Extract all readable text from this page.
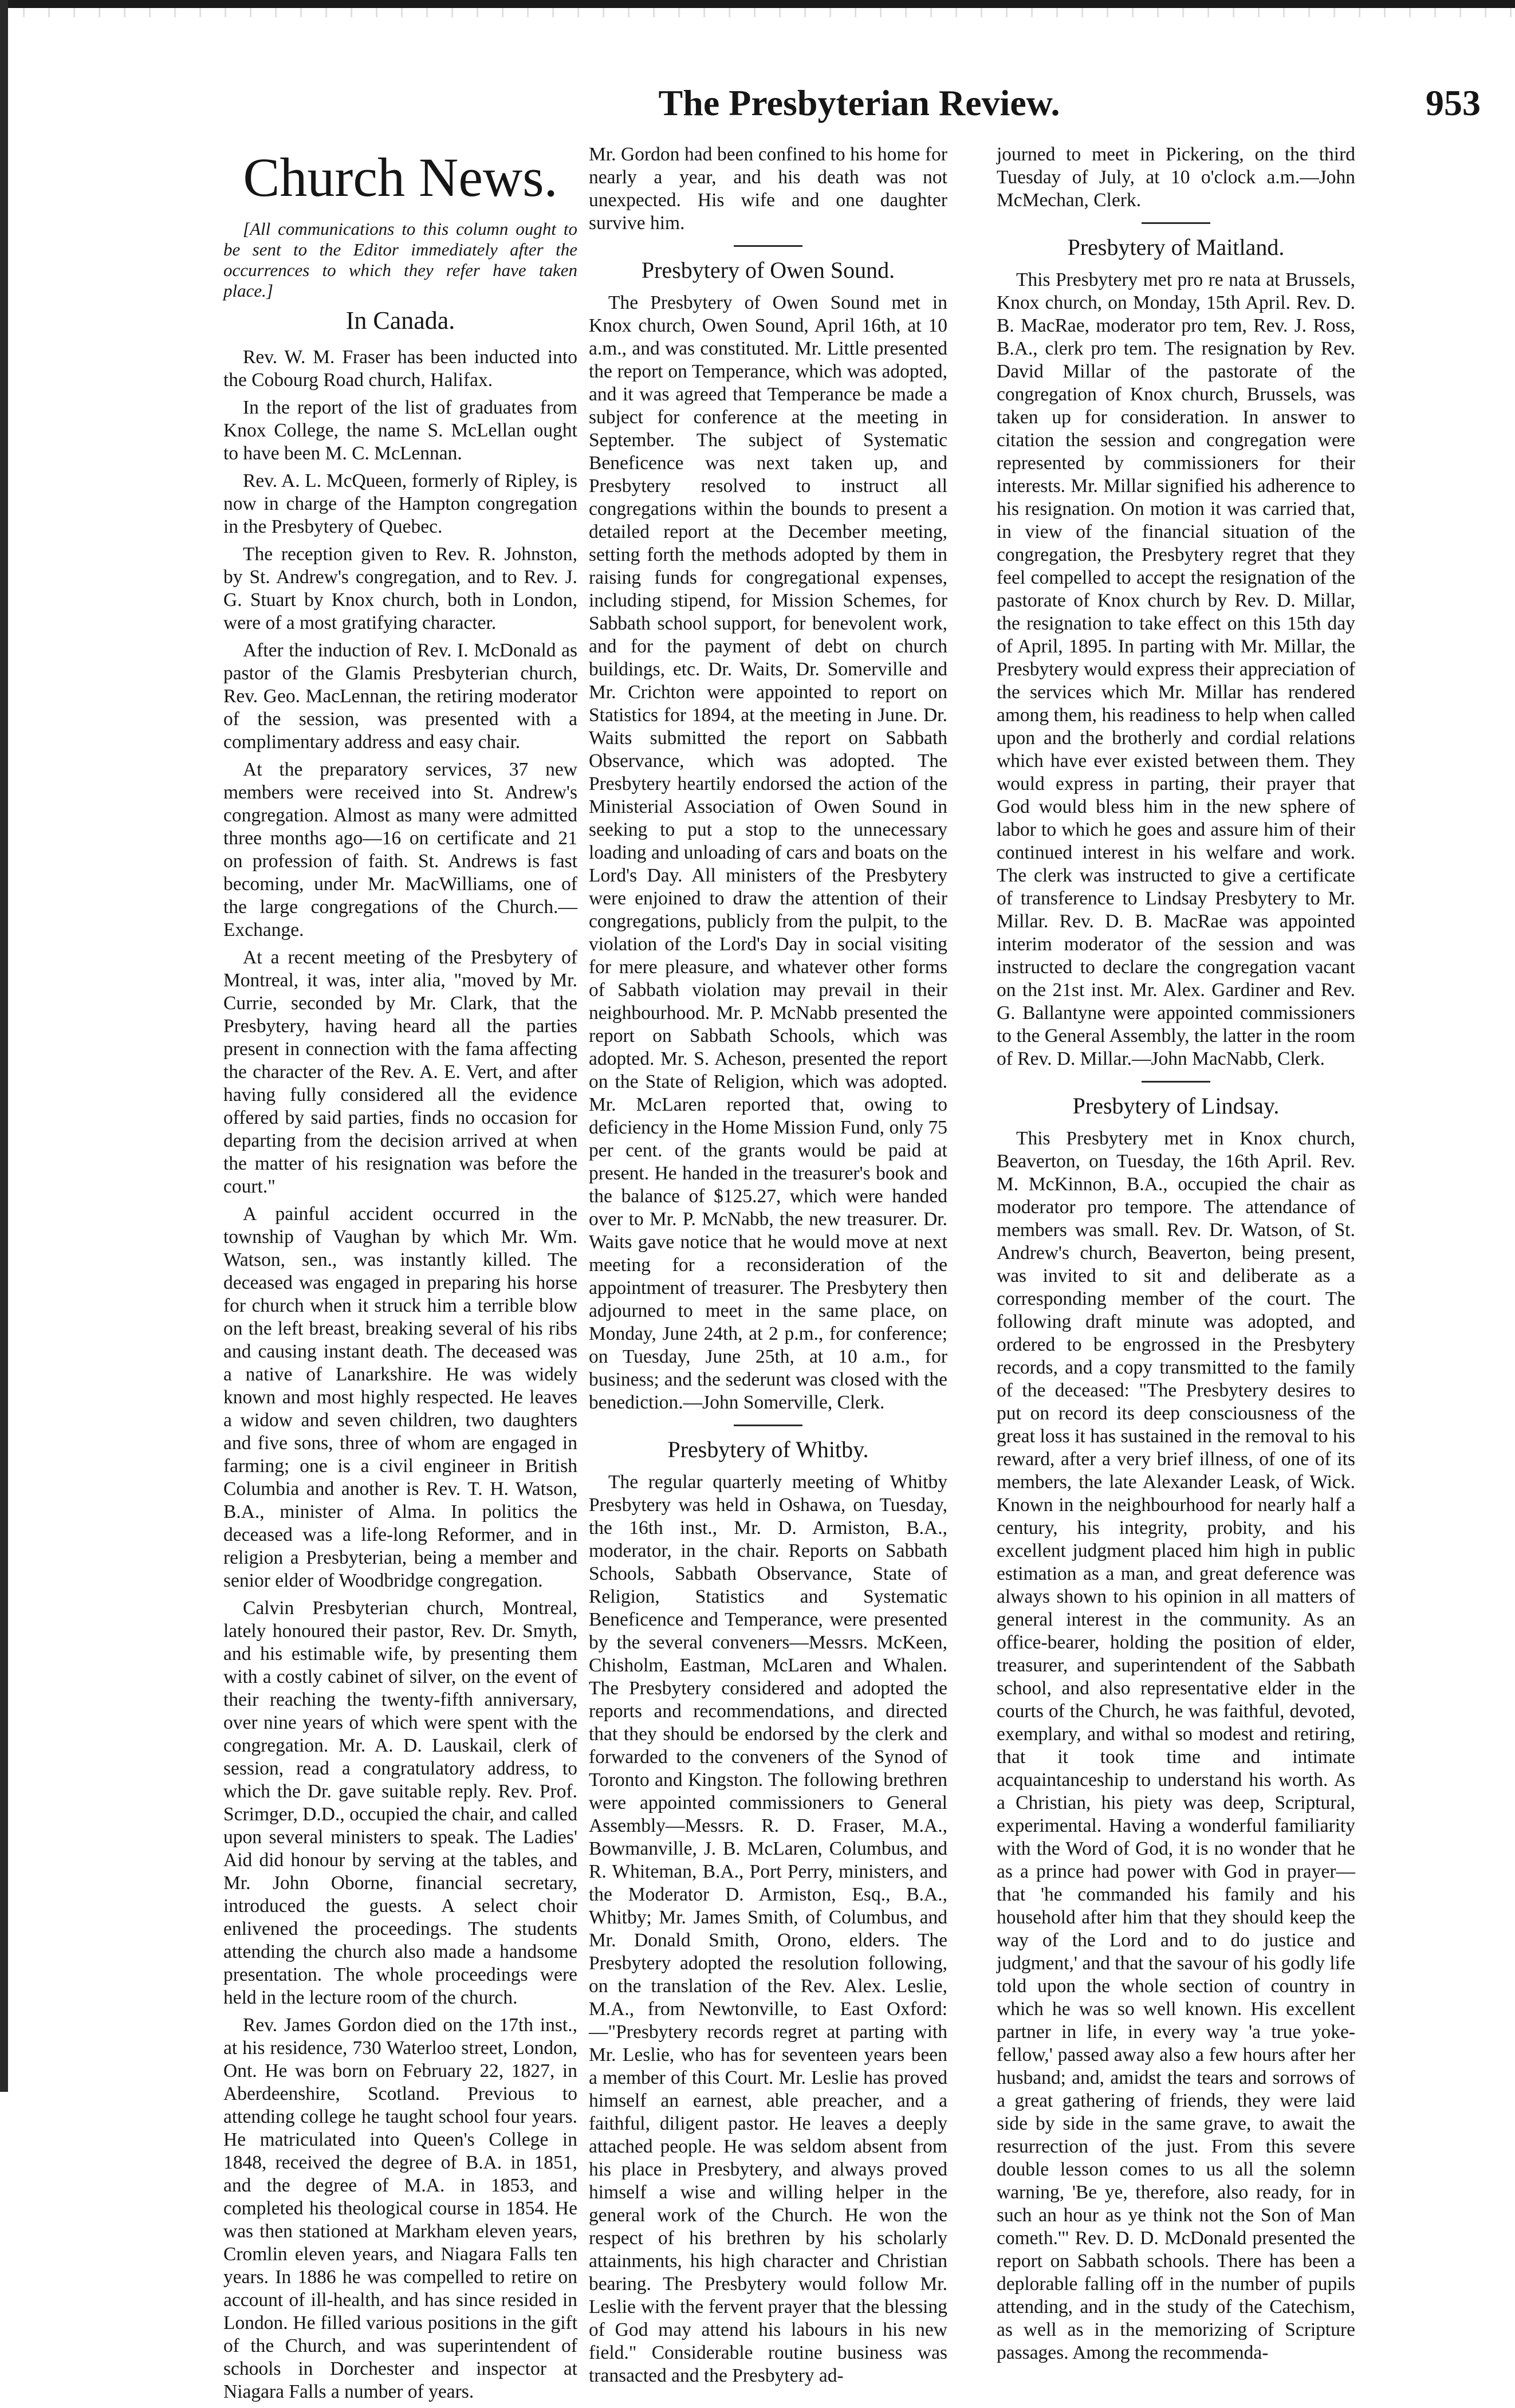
The Presbyterian Review.	953
Church News.

[All communications to this column ought to be sent to the Editor immediately after the occurrences to which they refer have taken place.]

In Canada.

Rev. W. M. Fraser has been inducted into the Cobourg Road church, Halifax.

In the report of the list of graduates from Knox College, the name S. McLellan ought to have been M. C. McLennan.

Rev. A. L. McQueen, formerly of Ripley, is now in charge of the Hampton congregation in the Presbytery of Quebec.

The reception given to Rev. R. Johnston, by St. Andrew's congregation, and to Rev. J. G. Stuart by Knox church, both in London, were of a most gratifying character.

After the induction of Rev. I. McDonald as pastor of the Glamis Presbyterian church, Rev. Geo. MacLennan, the retiring moderator of the session, was presented with a complimentary address and easy chair.

At the preparatory services, 37 new members were received into St. Andrew's congregation. Almost as many were admitted three months ago—16 on certificate and 21 on profession of faith. St. Andrews is fast becoming, under Mr. MacWilliams, one of the large congregations of the Church.—Exchange.

At a recent meeting of the Presbytery of Montreal, it was, inter alia, "moved by Mr. Currie, seconded by Mr. Clark, that the Presbytery, having heard all the parties present in connection with the fama affecting the character of the Rev. A. E. Vert, and after having fully considered all the evidence offered by said parties, finds no occasion for departing from the decision arrived at when the matter of his resignation was before the court."

A painful accident occurred in the township of Vaughan by which Mr. Wm. Watson, sen., was instantly killed. The deceased was engaged in preparing his horse for church when it struck him a terrible blow on the left breast, breaking several of his ribs and causing instant death. The deceased was a native of Lanarkshire. He was widely known and most highly respected. He leaves a widow and seven children, two daughters and five sons, three of whom are engaged in farming; one is a civil engineer in British Columbia and another is Rev. T. H. Watson, B.A., minister of Alma. In politics the deceased was a life-long Reformer, and in religion a Presbyterian, being a member and senior elder of Woodbridge congregation.

Calvin Presbyterian church, Montreal, lately honoured their pastor, Rev. Dr. Smyth, and his estimable wife, by presenting them with a costly cabinet of silver, on the event of their reaching the twenty-fifth anniversary, over nine years of which were spent with the congregation. Mr. A. D. Lauskail, clerk of session, read a congratulatory address, to which the Dr. gave suitable reply. Rev. Prof. Scrimger, D.D., occupied the chair, and called upon several ministers to speak. The Ladies' Aid did honour by serving at the tables, and Mr. John Oborne, financial secretary, introduced the guests. A select choir enlivened the proceedings. The students attending the church also made a handsome presentation. The whole proceedings were held in the lecture room of the church.

Rev. James Gordon died on the 17th inst., at his residence, 730 Waterloo street, London, Ont. He was born on February 22, 1827, in Aberdeenshire, Scotland. Previous to attending college he taught school four years. He matriculated into Queen's College in 1848, received the degree of B.A. in 1851, and the degree of M.A. in 1853, and completed his theological course in 1854. He was then stationed at Markham eleven years, Cromlin eleven years, and Niagara Falls ten years. In 1886 he was compelled to retire on account of ill-health, and has since resided in London. He filled various positions in the gift of the Church, and was superintendent of schools in Dorchester and inspector at Niagara Falls a number of years.

Mr. Gordon had been confined to his home for nearly a year, and his death was not unexpected. His wife and one daughter survive him.

Presbytery of Owen Sound.

The Presbytery of Owen Sound met in Knox church, Owen Sound, April 16th, at 10 a.m., and was constituted. Mr. Little presented the report on Temperance, which was adopted, and it was agreed that Temperance be made a subject for conference at the meeting in September. The subject of Systematic Beneficence was next taken up, and Presbytery resolved to instruct all congregations within the bounds to present a detailed report at the December meeting, setting forth the methods adopted by them in raising funds for congregational expenses, including stipend, for Mission Schemes, for Sabbath school support, for benevolent work, and for the payment of debt on church buildings, etc. Dr. Waits, Dr. Somerville and Mr. Crichton were appointed to report on Statistics for 1894, at the meeting in June. Dr. Waits submitted the report on Sabbath Observance, which was adopted. The Presbytery heartily endorsed the action of the Ministerial Association of Owen Sound in seeking to put a stop to the unnecessary loading and unloading of cars and boats on the Lord's Day. All ministers of the Presbytery were enjoined to draw the attention of their congregations, publicly from the pulpit, to the violation of the Lord's Day in social visiting for mere pleasure, and whatever other forms of Sabbath violation may prevail in their neighbourhood. Mr. P. McNabb presented the report on Sabbath Schools, which was adopted. Mr. S. Acheson, presented the report on the State of Religion, which was adopted. Mr. McLaren reported that, owing to deficiency in the Home Mission Fund, only 75 per cent. of the grants would be paid at present. He handed in the treasurer's book and the balance of $125.27, which were handed over to Mr. P. McNabb, the new treasurer. Dr. Waits gave notice that he would move at next meeting for a reconsideration of the appointment of treasurer. The Presbytery then adjourned to meet in the same place, on Monday, June 24th, at 2 p.m., for conference; on Tuesday, June 25th, at 10 a.m., for business; and the sederunt was closed with the benediction.—John Somerville, Clerk.

Presbytery of Whitby.

The regular quarterly meeting of Whitby Presbytery was held in Oshawa, on Tuesday, the 16th inst., Mr. D. Armiston, B.A., moderator, in the chair. Reports on Sabbath Schools, Sabbath Observance, State of Religion, Statistics and Systematic Beneficence and Temperance, were presented by the several conveners—Messrs. McKeen, Chisholm, Eastman, McLaren and Whalen. The Presbytery considered and adopted the reports and recommendations, and directed that they should be endorsed by the clerk and forwarded to the conveners of the Synod of Toronto and Kingston. The following brethren were appointed commissioners to General Assembly—Messrs. R. D. Fraser, M.A., Bowmanville, J. B. McLaren, Columbus, and R. Whiteman, B.A., Port Perry, ministers, and the Moderator D. Armiston, Esq., B.A., Whitby; Mr. James Smith, of Columbus, and Mr. Donald Smith, Orono, elders. The Presbytery adopted the resolution following, on the translation of the Rev. Alex. Leslie, M.A., from Newtonville, to East Oxford:—"Presbytery records regret at parting with Mr. Leslie, who has for seventeen years been a member of this Court. Mr. Leslie has proved himself an earnest, able preacher, and a faithful, diligent pastor. He leaves a deeply attached people. He was seldom absent from his place in Presbytery, and always proved himself a wise and willing helper in the general work of the Church. He won the respect of his brethren by his scholarly attainments, his high character and Christian bearing. The Presbytery would follow Mr. Leslie with the fervent prayer that the blessing of God may attend his labours in his new field." Considerable routine business was transacted and the Presbytery ad-

journed to meet in Pickering, on the third Tuesday of July, at 10 o'clock a.m.—John McMechan, Clerk.

Presbytery of Maitland.

This Presbytery met pro re nata at Brussels, Knox church, on Monday, 15th April. Rev. D. B. MacRae, moderator pro tem, Rev. J. Ross, B.A., clerk pro tem. The resignation by Rev. David Millar of the pastorate of the congregation of Knox church, Brussels, was taken up for consideration. In answer to citation the session and congregation were represented by commissioners for their interests. Mr. Millar signified his adherence to his resignation. On motion it was carried that, in view of the financial situation of the congregation, the Presbytery regret that they feel compelled to accept the resignation of the pastorate of Knox church by Rev. D. Millar, the resignation to take effect on this 15th day of April, 1895. In parting with Mr. Millar, the Presbytery would express their appreciation of the services which Mr. Millar has rendered among them, his readiness to help when called upon and the brotherly and cordial relations which have ever existed between them. They would express in parting, their prayer that God would bless him in the new sphere of labor to which he goes and assure him of their continued interest in his welfare and work. The clerk was instructed to give a certificate of transference to Lindsay Presbytery to Mr. Millar. Rev. D. B. MacRae was appointed interim moderator of the session and was instructed to declare the congregation vacant on the 21st inst. Mr. Alex. Gardiner and Rev. G. Ballantyne were appointed commissioners to the General Assembly, the latter in the room of Rev. D. Millar.—John MacNabb, Clerk.

Presbytery of Lindsay.

This Presbytery met in Knox church, Beaverton, on Tuesday, the 16th April. Rev. M. McKinnon, B.A., occupied the chair as moderator pro tempore. The attendance of members was small. Rev. Dr. Watson, of St. Andrew's church, Beaverton, being present, was invited to sit and deliberate as a corresponding member of the court. The following draft minute was adopted, and ordered to be engrossed in the Presbytery records, and a copy transmitted to the family of the deceased: "The Presbytery desires to put on record its deep consciousness of the great loss it has sustained in the removal to his reward, after a very brief illness, of one of its members, the late Alexander Leask, of Wick. Known in the neighbourhood for nearly half a century, his integrity, probity, and his excellent judgment placed him high in public estimation as a man, and great deference was always shown to his opinion in all matters of general interest in the community. As an office-bearer, holding the position of elder, treasurer, and superintendent of the Sabbath school, and also representative elder in the courts of the Church, he was faithful, devoted, exemplary, and withal so modest and retiring, that it took time and intimate acquaintanceship to understand his worth. As a Christian, his piety was deep, Scriptural, experimental. Having a wonderful familiarity with the Word of God, it is no wonder that he as a prince had power with God in prayer—that 'he commanded his family and his household after him that they should keep the way of the Lord and to do justice and judgment,' and that the savour of his godly life told upon the whole section of country in which he was so well known. His excellent partner in life, in every way 'a true yoke-fellow,' passed away also a few hours after her husband; and, amidst the tears and sorrows of a great gathering of friends, they were laid side by side in the same grave, to await the resurrection of the just. From this severe double lesson comes to us all the solemn warning, 'Be ye, therefore, also ready, for in such an hour as ye think not the Son of Man cometh.'" Rev. D. D. McDonald presented the report on Sabbath schools. There has been a deplorable falling off in the number of pupils attending, and in the study of the Catechism, as well as in the memorizing of Scripture passages. Among the recommenda-
